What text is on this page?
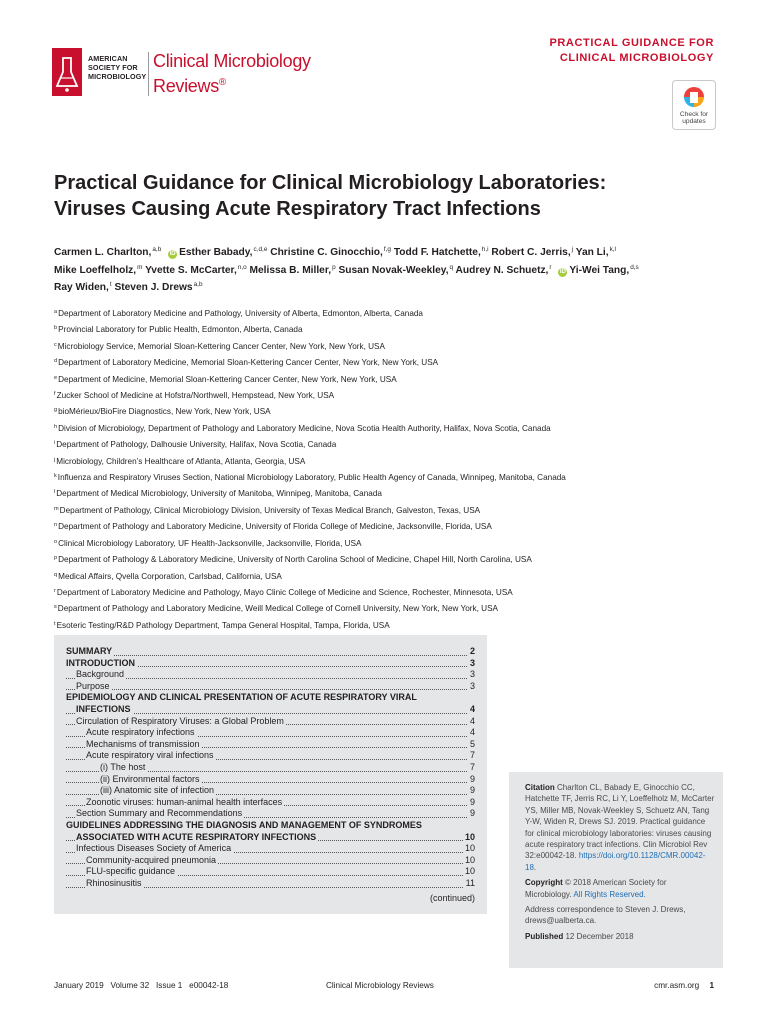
AMERICAN
SOCIETY FOR
MICROBIOLOGY
Clinical Microbiology
Reviews®
PRACTICAL GUIDANCE FOR
CLINICAL MICROBIOLOGY
Check for
updates
Practical Guidance for Clinical Microbiology Laboratories:
Viruses Causing Acute Respiratory Tract Infections
Carmen L. Charlton,$^{a,b}$ iD Esther Babady,$^{c,d,e}$ Christine C. Ginocchio,$^{f,g}$ Todd F. Hatchette,$^{h,i}$ Robert C. Jerris,$^j$ Yan Li,$^{k,l}$
Mike Loeffelholz,$^m$ Yvette S. McCarter,$^{n,o}$ Melissa B. Miller,$^p$ Susan Novak-Weekley,$^q$ Audrey N. Schuetz,$^r$ iD Yi-Wei Tang,$^{d,s}$
Ray Widen,$^t$ Steven J. Drews$^{a,b}$
$^a$Department of Laboratory Medicine and Pathology, University of Alberta, Edmonton, Alberta, Canada
$^b$Provincial Laboratory for Public Health, Edmonton, Alberta, Canada
$^c$Microbiology Service, Memorial Sloan-Kettering Cancer Center, New York, New York, USA
$^d$Department of Laboratory Medicine, Memorial Sloan-Kettering Cancer Center, New York, New York, USA
$^e$Department of Medicine, Memorial Sloan-Kettering Cancer Center, New York, New York, USA
$^f$Zucker School of Medicine at Hofstra/Northwell, Hempstead, New York, USA
$^g$bioMérieux/BioFire Diagnostics, New York, New York, USA
$^h$Division of Microbiology, Department of Pathology and Laboratory Medicine, Nova Scotia Health Authority, Halifax, Nova Scotia, Canada
$^i$Department of Pathology, Dalhousie University, Halifax, Nova Scotia, Canada
$^j$Microbiology, Children’s Healthcare of Atlanta, Atlanta, Georgia, USA
$^k$Influenza and Respiratory Viruses Section, National Microbiology Laboratory, Public Health Agency of Canada, Winnipeg, Manitoba, Canada
$^l$Department of Medical Microbiology, University of Manitoba, Winnipeg, Manitoba, Canada
$^m$Department of Pathology, Clinical Microbiology Division, University of Texas Medical Branch, Galveston, Texas, USA
$^n$Department of Pathology and Laboratory Medicine, University of Florida College of Medicine, Jacksonville, Florida, USA
$^o$Clinical Microbiology Laboratory, UF Health-Jacksonville, Jacksonville, Florida, USA
$^p$Department of Pathology & Laboratory Medicine, University of North Carolina School of Medicine, Chapel Hill, North Carolina, USA
$^q$Medical Affairs, Qvella Corporation, Carlsbad, California, USA
$^r$Department of Laboratory Medicine and Pathology, Mayo Clinic College of Medicine and Science, Rochester, Minnesota, USA
$^s$Department of Pathology and Laboratory Medicine, Weill Medical College of Cornell University, New York, New York, USA
$^t$Esoteric Testing/R&D Pathology Department, Tampa General Hospital, Tampa, Florida, USA
(continued)
2
SUMMARY
3
INTRODUCTION
3
Background
3
Purpose
EPIDEMIOLOGY AND CLINICAL PRESENTATION OF ACUTE RESPIRATORY VIRAL
4
INFECTIONS
4
Circulation of Respiratory Viruses: a Global Problem
4
Acute respiratory infections
5
Mechanisms of transmission
7
Acute respiratory viral infections
7
(i) The host
9
(ii) Environmental factors
9
(iii) Anatomic site of infection
9
Zoonotic viruses: human-animal health interfaces
9
Section Summary and Recommendations
GUIDELINES ADDRESSING THE DIAGNOSIS AND MANAGEMENT OF SYNDROMES
10
ASSOCIATED WITH ACUTE RESPIRATORY INFECTIONS
10
Infectious Diseases Society of America
10
Community-acquired pneumonia
10
FLU-specific guidance
11
Rhinosinusitis
Citation Charlton CL, Babady E, Ginocchio CC, Hatchette TF, Jerris RC, Li Y, Loeffelholz M, McCarter YS, Miller MB, Novak-Weekley S, Schuetz AN, Tang Y-W, Widen R, Drews SJ. 2019. Practical guidance for clinical microbiology laboratories: viruses causing acute respiratory tract infections. Clin Microbiol Rev 32:e00042-18. https://doi.org/10.1128/CMR.00042-18.
Copyright © 2018 American Society for Microbiology. All Rights Reserved.
Address correspondence to Steven J. Drews, drews@ualberta.ca.
Published 12 December 2018
January 2019   Volume 32   Issue 1   e00042-18	Clinical Microbiology Reviews	cmr.asm.org 1
